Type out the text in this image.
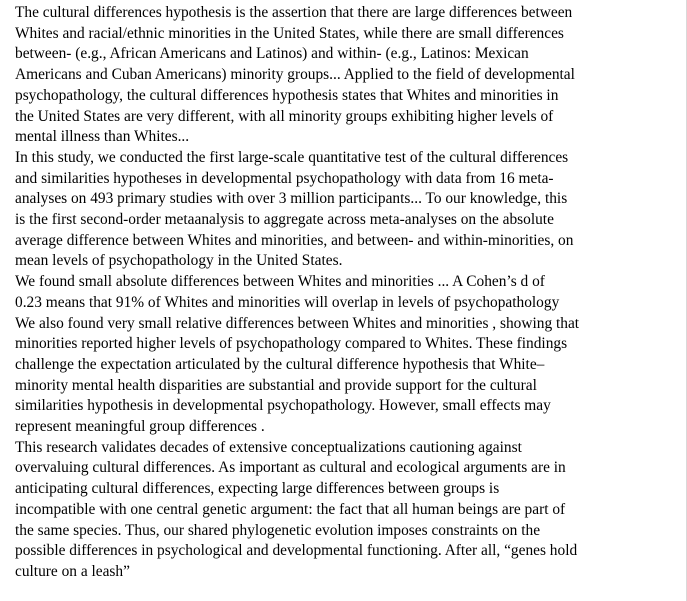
The cultural differences hypothesis is the assertion that there are large differences between
Whites and racial/ethnic minorities in the United States, while there are small differences
between- (e.g., African Americans and Latinos) and within- (e.g., Latinos: Mexican
Americans and Cuban Americans) minority groups... Applied to the field of developmental
psychopathology, the cultural differences hypothesis states that Whites and minorities in
the United States are very different, with all minority groups exhibiting higher levels of
mental illness than Whites...
In this study, we conducted the first large-scale quantitative test of the cultural differences
and similarities hypotheses in developmental psychopathology with data from 16 meta-
analyses on 493 primary studies with over 3 million participants... To our knowledge, this
is the first second-order metaanalysis to aggregate across meta-analyses on the absolute
average difference between Whites and minorities, and between- and within-minorities, on
mean levels of psychopathology in the United States.
We found small absolute differences between Whites and minorities ... A Cohen’s d of
0.23 means that 91% of Whites and minorities will overlap in levels of psychopathology
We also found very small relative differences between Whites and minorities , showing that
minorities reported higher levels of psychopathology compared to Whites. These findings
challenge the expectation articulated by the cultural difference hypothesis that White–
minority mental health disparities are substantial and provide support for the cultural
similarities hypothesis in developmental psychopathology. However, small effects may
represent meaningful group differences .
This research validates decades of extensive conceptualizations cautioning against
overvaluing cultural differences. As important as cultural and ecological arguments are in
anticipating cultural differences, expecting large differences between groups is
incompatible with one central genetic argument: the fact that all human beings are part of
the same species. Thus, our shared phylogenetic evolution imposes constraints on the
possible differences in psychological and developmental functioning. After all, “genes hold
culture on a leash”
